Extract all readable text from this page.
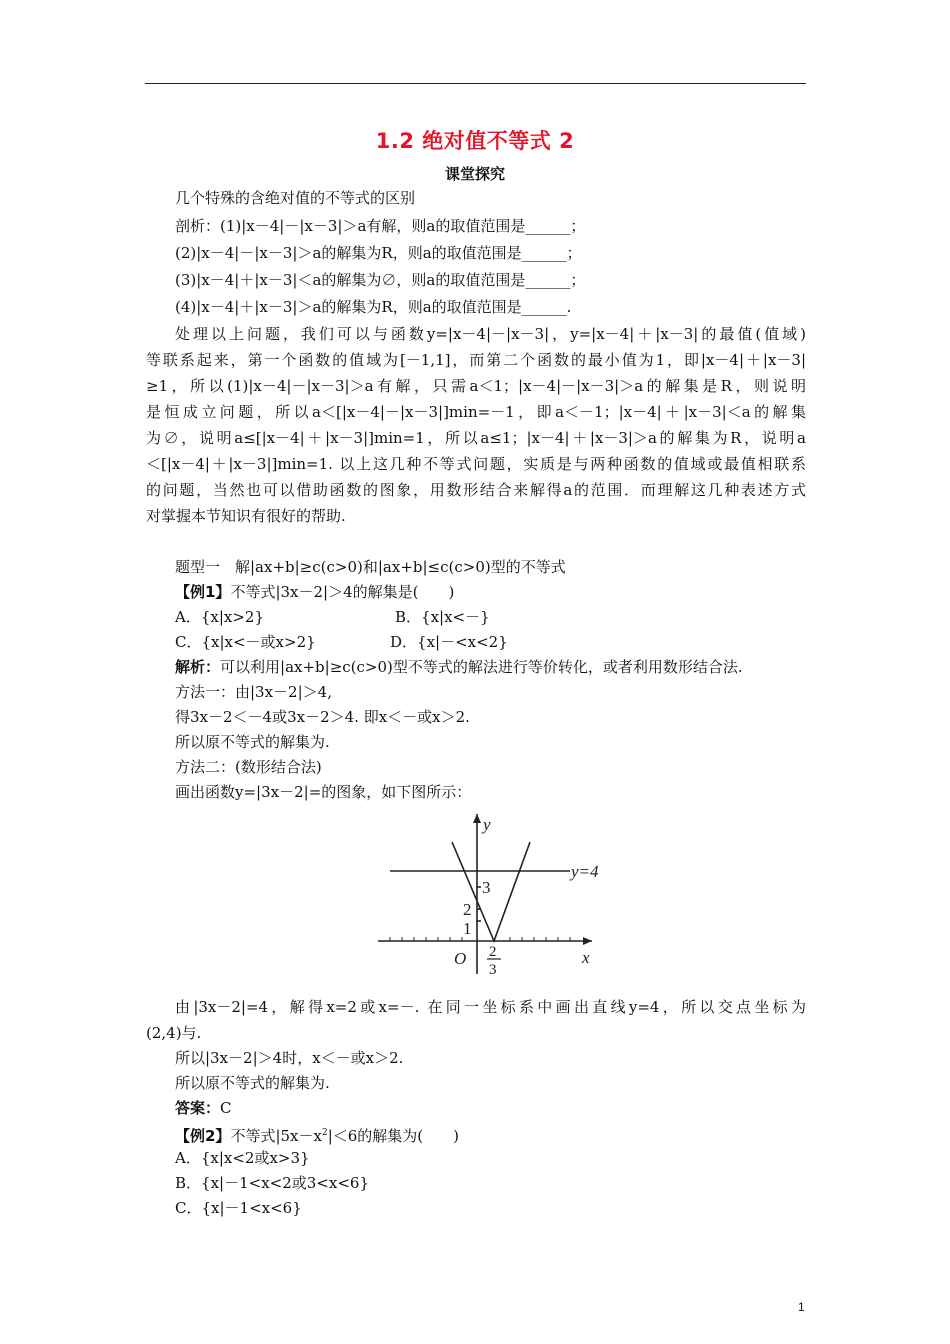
1.2 绝对值不等式 2
课堂探究
几个特殊的含绝对值的不等式的区别
剖析：(1)|x－4|－|x－3|＞a有解，则a的取值范围是______；
(2)|x－4|－|x－3|＞a的解集为R，则a的取值范围是______；
(3)|x－4|＋|x－3|＜a的解集为∅，则a的取值范围是______；
(4)|x－4|＋|x－3|＞a的解集为R，则a的取值范围是______.
处理以上问题，我们可以与函数y=|x－4|－|x－3|，y=|x－4|＋|x－3|的最值(值域)
等联系起来，第一个函数的值域为[－1,1]，而第二个函数的最小值为1，即|x－4|＋|x－3|
≥1，所以(1)|x－4|－|x－3|＞a有解，只需a＜1；|x－4|－|x－3|＞a的解集是R，则说明
是恒成立问题，所以a＜[|x－4|－|x－3|]min=－1，即a＜－1；|x－4|＋|x－3|＜a的解集
为∅，说明a≤[|x－4|＋|x－3|]min=1，所以a≤1；|x－4|＋|x－3|＞a的解集为R，说明a
＜[|x－4|＋|x－3|]min=1. 以上这几种不等式问题，实质是与两种函数的值域或最值相联系
的问题，当然也可以借助函数的图象，用数形结合来解得a的范围．而理解这几种表述方式
对掌握本节知识有很好的帮助.
题型一　解|ax+b|≥c(c>0)和|ax+b|≤c(c>0)型的不等式
【例1】不等式|3x－2|＞4的解集是(　　)
A．{x|x>2}	B．{x|x<－}
C．{x|x<－或x>2}	D．{x|－<x<2}
解析：可以利用|ax+b|≥c(c>0)型不等式的解法进行等价转化，或者利用数形结合法.
方法一：由|3x－2|＞4,
得3x－2＜－4或3x－2＞4. 即x＜－或x＞2.
所以原不等式的解集为.
方法二：(数形结合法)
画出函数y=|3x－2|=的图象，如下图所示：
y
x
O
y=4
3
2
1
2
3
由|3x－2|=4，解得x=2或x=－. 在同一坐标系中画出直线y=4，所以交点坐标为
(2,4)与.
所以|3x－2|＞4时，x＜－或x＞2.
所以原不等式的解集为.
答案：C
【例2】不等式$|5x-x^2|<6$的解集为(　　)
A．{x|x<2或x>3}
B．{x|－1<x<2或3<x<6}
C．{x|－1<x<6}
1
